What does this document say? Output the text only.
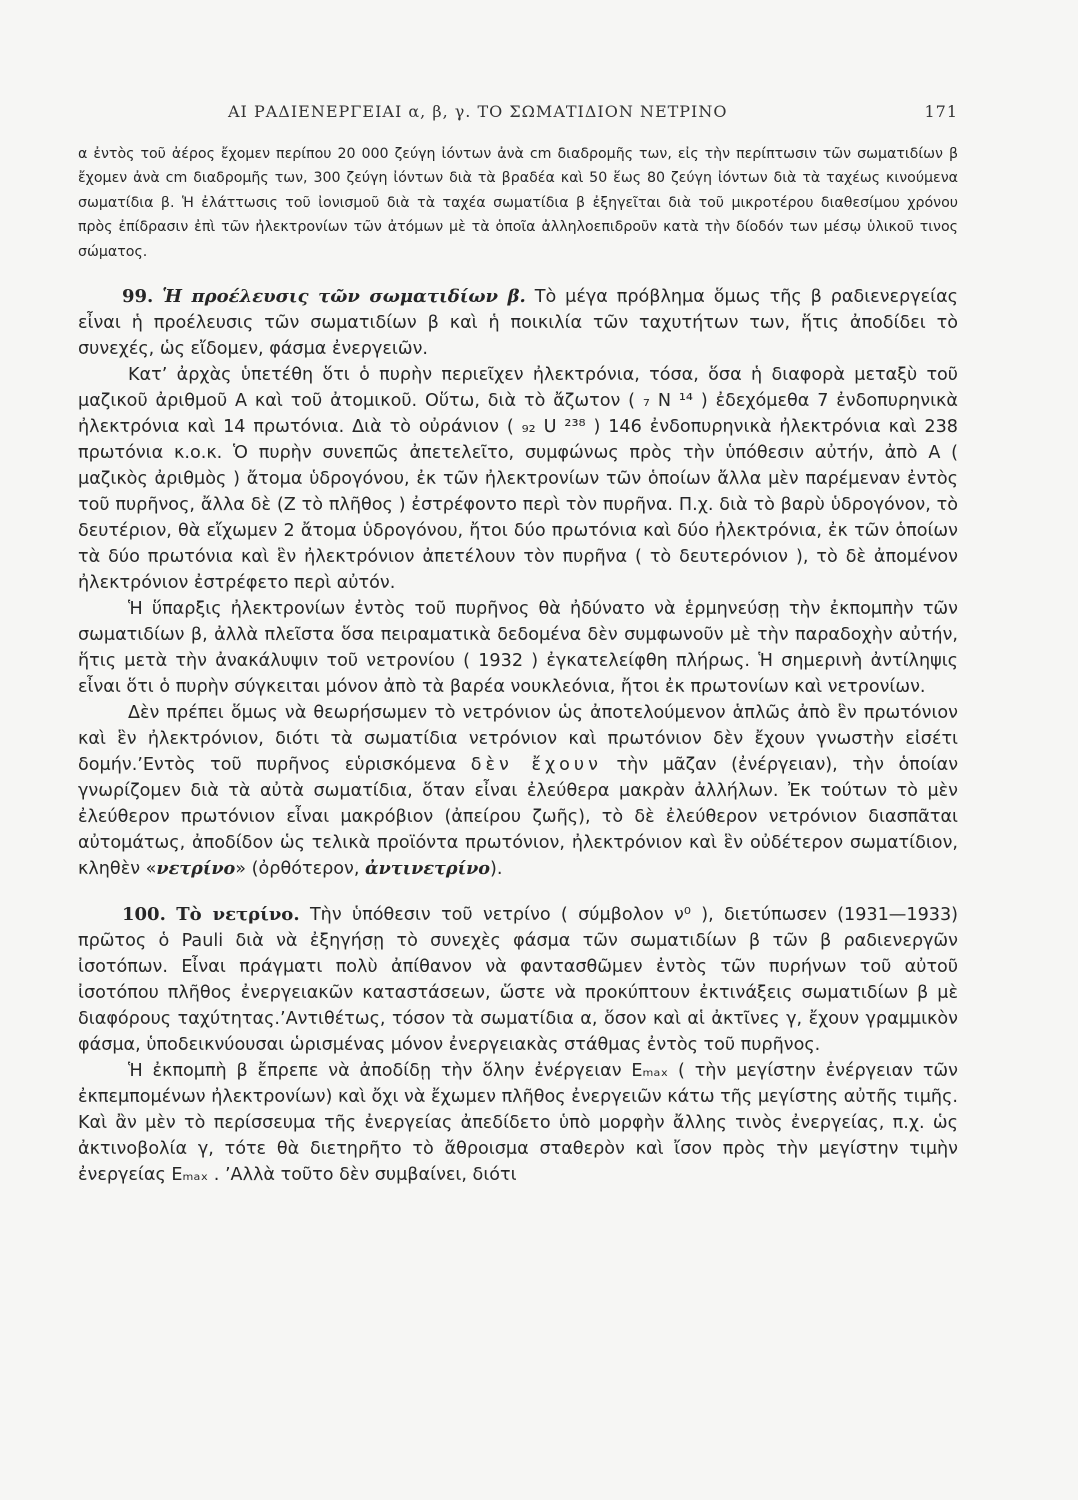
ΑΙ ΡΑΔΙΕΝΕΡΓΕΙΑΙ α, β, γ. ΤΟ ΣΩΜΑΤΙΔΙΟΝ ΝΕΤΡΙΝΟ	171

α ἐντὸς τοῦ ἀέρος ἔχομεν περίπου 20 000 ζεύγη ἰόντων ἀνὰ cm διαδρομῆς των, εἰς τὴν περίπτωσιν τῶν σωματιδίων β ἔχομεν ἀνὰ cm διαδρομῆς των, 300 ζεύγη ἰόντων διὰ τὰ βραδέα καὶ 50 ἕως 80 ζεύγη ἰόντων διὰ τὰ ταχέως κινούμενα σωματίδια β. Ἡ ἐλάττωσις τοῦ ἰονισμοῦ διὰ τὰ ταχέα σωματίδια β ἐξηγεῖται διὰ τοῦ μικροτέρου διαθεσίμου χρόνου πρὸς ἐπίδρασιν ἐπὶ τῶν ἠλεκτρονίων τῶν ἀτόμων μὲ τὰ ὁποῖα ἀλληλοεπιδροῦν κατὰ τὴν δίοδόν των μέσῳ ὑλικοῦ τινος σώματος.

99. Ἡ προέλευσις τῶν σωματιδίων β. Τὸ μέγα πρόβλημα ὅμως τῆς β ραδιενεργείας εἶναι ἡ προέλευσις τῶν σωματιδίων β καὶ ἡ ποικιλία τῶν ταχυτήτων των, ἥτις ἀποδίδει τὸ συνεχές, ὡς εἴδομεν, φάσμα ἐνεργειῶν.

Κατ’ ἀρχὰς ὑπετέθη ὅτι ὁ πυρὴν περιεῖχεν ἠλεκτρόνια, τόσα, ὅσα ἡ διαφορὰ μεταξὺ τοῦ μαζικοῦ ἀριθμοῦ A καὶ τοῦ ἀτομικοῦ. Οὕτω, διὰ τὸ ἄζωτον ( ₇ N ¹⁴ ) ἐδεχόμεθα 7 ἐνδοπυρηνικὰ ἠλεκτρόνια καὶ 14 πρωτόνια. Διὰ τὸ οὐράνιον ( ₉₂ U ²³⁸ ) 146 ἐνδοπυρηνικὰ ἠλεκτρόνια καὶ 238 πρωτόνια κ.ο.κ. Ὁ πυρὴν συνεπῶς ἀπετελεῖτο, συμφώνως πρὸς τὴν ὑπόθεσιν αὐτήν, ἀπὸ A ( μαζικὸς ἀριθμὸς ) ἄτομα ὑδρογόνου, ἐκ τῶν ἠλεκτρονίων τῶν ὁποίων ἄλλα μὲν παρέμεναν ἐντὸς τοῦ πυρῆνος, ἄλλα δὲ (Z τὸ πλῆθος ) ἐστρέφοντο περὶ τὸν πυρῆνα. Π.χ. διὰ τὸ βαρὺ ὑδρογόνον, τὸ δευτέριον, θὰ εἴχωμεν 2 ἄτομα ὑδρογόνου, ἤτοι δύο πρωτόνια καὶ δύο ἠλεκτρόνια, ἐκ τῶν ὁποίων τὰ δύο πρωτόνια καὶ ἓν ἠλεκτρόνιον ἀπετέλουν τὸν πυρῆνα ( τὸ δευτερόνιον ), τὸ δὲ ἀπομένον ἠλεκτρόνιον ἐστρέφετο περὶ αὐτόν.

Ἡ ὕπαρξις ἠλεκτρονίων ἐντὸς τοῦ πυρῆνος θὰ ἠδύνατο νὰ ἑρμηνεύσῃ τὴν ἐκπομπὴν τῶν σωματιδίων β, ἀλλὰ πλεῖστα ὅσα πειραματικὰ δεδομένα δὲν συμφωνοῦν μὲ τὴν παραδοχὴν αὐτήν, ἥτις μετὰ τὴν ἀνακάλυψιν τοῦ νετρονίου ( 1932 ) ἐγκατελείφθη πλήρως. Ἡ σημερινὴ ἀντίληψις εἶναι ὅτι ὁ πυρὴν σύγκειται μόνον ἀπὸ τὰ βαρέα νουκλεόνια, ἤτοι ἐκ πρωτονίων καὶ νετρονίων.

Δὲν πρέπει ὅμως νὰ θεωρήσωμεν τὸ νετρόνιον ὡς ἀποτελούμενον ἁπλῶς ἀπὸ ἓν πρωτόνιον καὶ ἓν ἠλεκτρόνιον, διότι τὰ σωματίδια νετρόνιον καὶ πρωτόνιον δὲν ἔχουν γνωστὴν εἰσέτι δομήν.’Εντὸς τοῦ πυρῆνος εὑρισκόμενα δὲν ἔχουν τὴν μᾶζαν (ἐνέργειαν), τὴν ὁποίαν γνωρίζομεν διὰ τὰ αὐτὰ σωματίδια, ὅταν εἶναι ἐλεύθερα μακρὰν ἀλλήλων. Ἐκ τούτων τὸ μὲν ἐλεύθερον πρωτόνιον εἶναι μακρόβιον (ἀπείρου ζωῆς), τὸ δὲ ἐλεύθερον νετρόνιον διασπᾶται αὐτομάτως, ἀποδίδον ὡς τελικὰ προϊόντα πρωτόνιον, ἠλεκτρόνιον καὶ ἓν οὐδέτερον σωματίδιον, κληθὲν «νετρίνο» (ὀρθότερον, ἀντινετρίνο).

100. Τὸ νετρίνο. Τὴν ὑπόθεσιν τοῦ νετρίνο ( σύμβολον ν⁰ ), διετύπωσεν (1931—1933) πρῶτος ὁ Pauli διὰ νὰ ἐξηγήσῃ τὸ συνεχὲς φάσμα τῶν σωματιδίων β τῶν β ραδιενεργῶν ἰσοτόπων. Εἶναι πράγματι πολὺ ἀπίθανον νὰ φαντασθῶμεν ἐντὸς τῶν πυρήνων τοῦ αὐτοῦ ἰσοτόπου πλῆθος ἐνεργειακῶν καταστάσεων, ὥστε νὰ προκύπτουν ἐκτινάξεις σωματιδίων β μὲ διαφόρους ταχύτητας.’Αντιθέτως, τόσον τὰ σωματίδια α, ὅσον καὶ αἱ ἀκτῖνες γ, ἔχουν γραμμικὸν φάσμα, ὑποδεικνύουσαι ὡρισμένας μόνον ἐνεργειακὰς στάθμας ἐντὸς τοῦ πυρῆνος.

Ἡ ἐκπομπὴ β ἔπρεπε νὰ ἀποδίδῃ τὴν ὅλην ἐνέργειαν Eₘₐₓ ( τὴν μεγίστην ἐνέργειαν τῶν ἐκπεμπομένων ἠλεκτρονίων) καὶ ὄχι νὰ ἔχωμεν πλῆθος ἐνεργειῶν κάτω τῆς μεγίστης αὐτῆς τιμῆς. Καὶ ἂν μὲν τὸ περίσσευμα τῆς ἐνεργείας ἀπεδίδετο ὑπὸ μορφὴν ἄλλης τινὸς ἐνεργείας, π.χ. ὡς ἀκτινοβολία γ, τότε θὰ διετηρῆτο τὸ ἄθροισμα σταθερὸν καὶ ἴσον πρὸς τὴν μεγίστην τιμὴν ἐνεργείας Eₘₐₓ . ’Αλλὰ τοῦτο δὲν συμβαίνει, διότι
